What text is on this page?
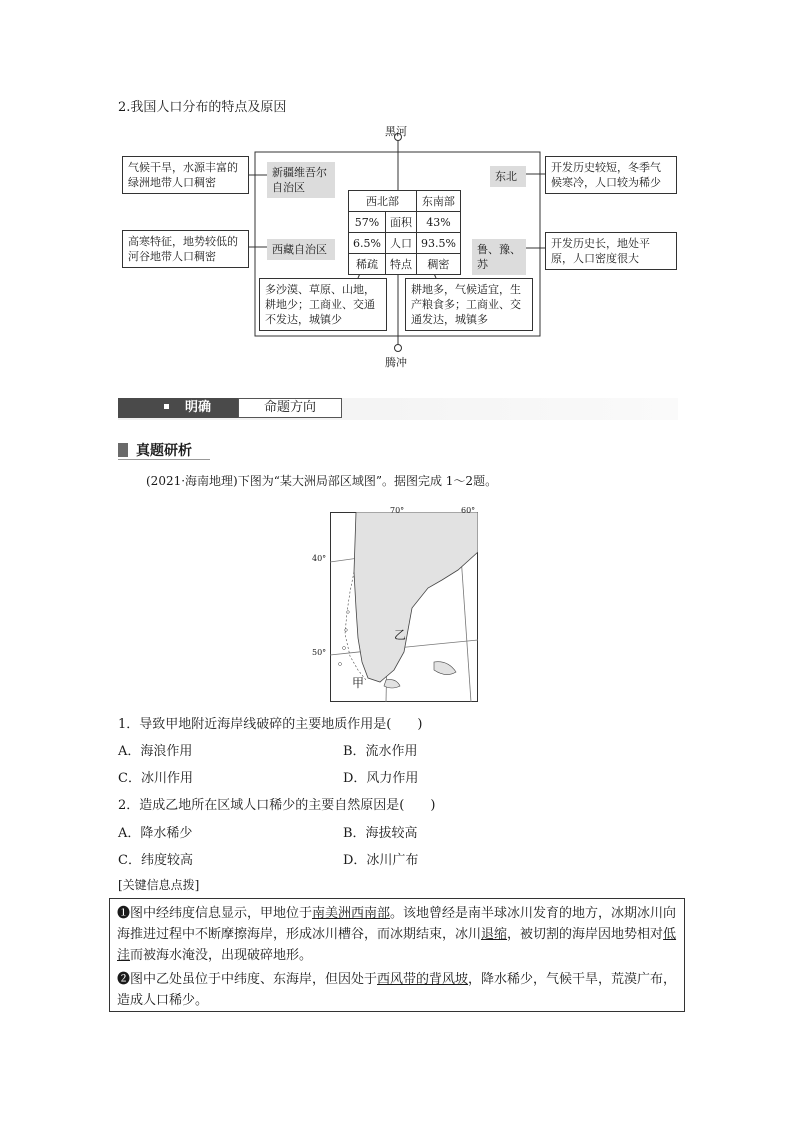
2.我国人口分布的特点及原因
黑河
腾冲
气候干旱，水源丰富的绿洲地带人口稠密
高寒特征，地势较低的河谷地带人口稠密
开发历史较短，冬季气候寒冷，人口较为稀少
开发历史长，地处平原，人口密度很大
新疆维吾尔自治区
西藏自治区
东北
鲁、豫、苏
西北部		东南部
57%	面积	43%
6.5%	人口	93.5%
稀疏	特点	稠密
多沙漠、草原、山地，耕地少；工商业、交通不发达，城镇少
耕地多，气候适宜，生产粮食多；工商业、交通发达，城镇多
明确	命题方向
真题研析
(2021·海南地理)下图为“某大洲局部区域图”。据图完成 1～2题。
70°	60°
40°
50°
乙
甲
1．导致甲地附近海岸线破碎的主要地质作用是(　　)
A．海浪作用	B．流水作用
C．冰川作用	D．风力作用
2．造成乙地所在区域人口稀少的主要自然原因是(　　)
A．降水稀少	B．海拔较高
C．纬度较高	D．冰川广布
[关键信息点拨]

❶图中经纬度信息显示，甲地位于南美洲西南部。该地曾经是南半球冰川发育的地方，冰期冰川向海推进过程中不断摩擦海岸，形成冰川槽谷，而冰期结束，冰川退缩，被切割的海岸因地势相对低洼而被海水淹没，出现破碎地形。

❷图中乙处虽位于中纬度、东海岸，但因处于西风带的背风坡，降水稀少，气候干旱，荒漠广布，造成人口稀少。
